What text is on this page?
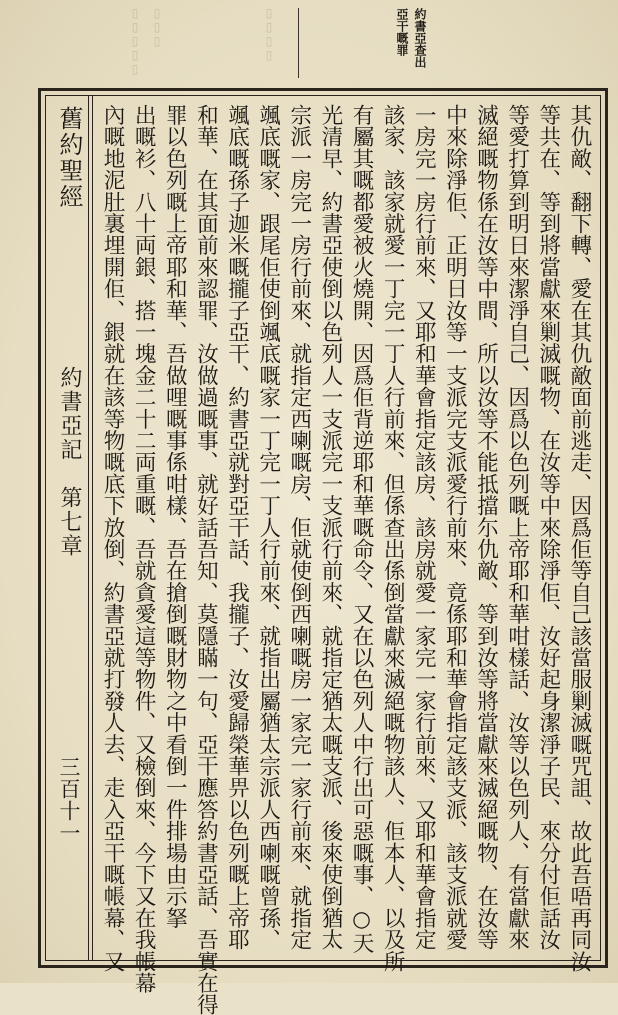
▯▯▯
▯▯▯▯▯	▯▯▯▯	約書亞查出
亞干嘅罪
舊約聖經
約書亞記　第七章
三百十一	其仇敵、翻下轉、愛在其仇敵面前逃走、因爲佢等自己該當服剿滅嘅咒詛、故此吾唔再同汝
等共在、等到將當獻來剿滅嘅物、在汝等中來除淨佢、汝好起身潔淨子民、來分付佢話汝
等愛打算到明日來潔淨自己、因爲以色列嘅上帝耶和華咁樣話、汝等以色列人、有當獻來
滅絕嘅物係在汝等中間、所以汝等不能抵擋尓仇敵、等到汝等將當獻來滅絕嘅物、在汝等
中來除淨佢、正明日汝等一支派完支派愛行前來、竟係耶和華會指定該支派、該支派就愛
一房完一房行前來、又耶和華會指定該房、該房就愛一家完一家行前來、又耶和華會指定
該家、該家就愛一丁完一丁人行前來、但係查出係倒當獻來滅絕嘅物該人、佢本人、以及所
有屬其嘅都愛被火燒開、因爲佢背逆耶和華嘅命令、又在以色列人中行出可惡嘅事、○天
光清早、約書亞使倒以色列人一支派完一支派行前來、就指定猶太嘅支派、後來使倒猶太
宗派一房完一房行前來、就指定西喇嘅房、佢就使倒西喇嘅房一家完一家行前來、就指定
颯底嘅家、跟尾佢使倒颯底嘅家一丁完一丁人行前來、就指出屬猶太宗派人西喇嘅曾孫、
颯底嘅孫子迦米嘅攏子亞干、約書亞就對亞干話、我攏子、汝愛歸榮華畀以色列嘅上帝耶
和華、在其面前來認罪、汝做過嘅事、就好話吾知、莫隱瞞一句、亞干應答約書亞話、吾實在得
罪以色列嘅上帝耶和華、吾做哩嘅事係咁樣、吾在搶倒嘅財物之中看倒一件排場由示拏
出嘅衫、八十両銀、搭一塊金二十二両重嘅、吾就貪愛這等物件、又檢倒來、今下又在我帳幕
內嘅地泥肚裏埋開佢、銀就在該等物嘅底下放倒、約書亞就打發人去、走入亞干嘅帳幕、又
